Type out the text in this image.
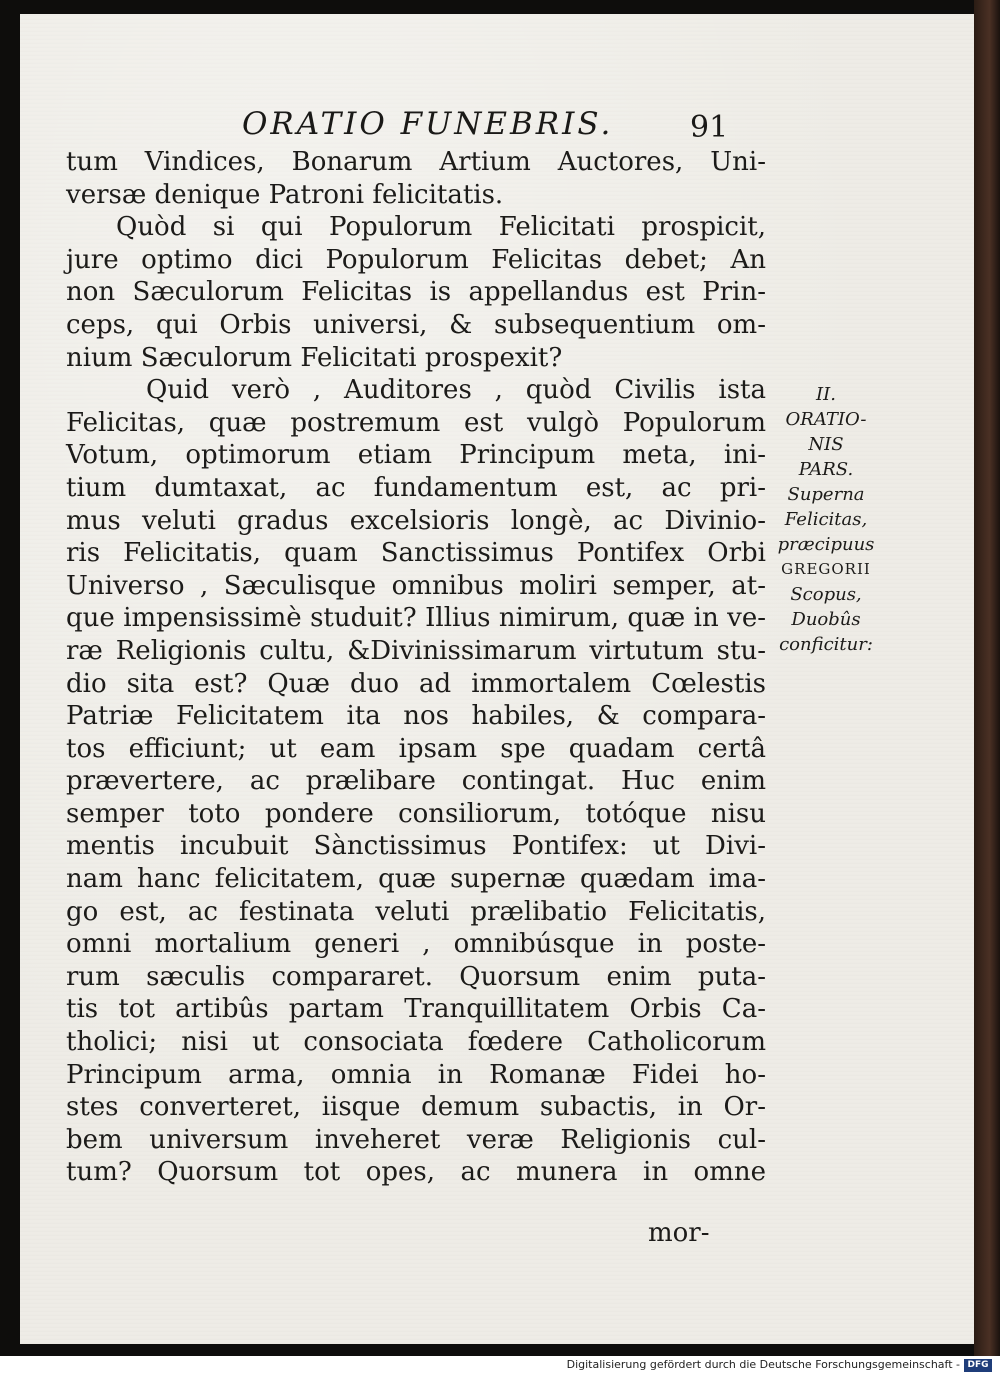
ORATIO FUNEBRIS.	91
tum Vindices, Bonarum Artium Auctores, Uni-
versæ denique Patroni felicitatis.
Quòd si qui Populorum Felicitati prospicit,
jure optimo dici Populorum Felicitas debet; An
non Sæculorum Felicitas is appellandus est Prin-
ceps, qui Orbis universi, & subsequentium om-
nium Sæculorum Felicitati prospexit?
Quid verò , Auditores , quòd Civilis ista
Felicitas, quæ postremum est vulgò Populorum
Votum, optimorum etiam Principum meta, ini-
tium dumtaxat, ac fundamentum est, ac pri-
mus veluti gradus excelsioris longè, ac Divinio-
ris Felicitatis, quam Sanctissimus Pontifex Orbi
Universo , Sæculisque omnibus moliri semper, at-
que impensissimè studuit? Illius nimirum, quæ in ve-
ræ Religionis cultu, &Divinissimarum virtutum stu-
dio sita est? Quæ duo ad immortalem Cœlestis
Patriæ Felicitatem ita nos habiles, & compara-
tos efficiunt; ut eam ipsam spe quadam certâ
prævertere, ac prælibare contingat. Huc enim
semper toto pondere consiliorum, totóque nisu
mentis incubuit Sànctissimus Pontifex: ut Divi-
nam hanc felicitatem, quæ supernæ quædam ima-
go est, ac festinata veluti prælibatio Felicitatis,
omni mortalium generi , omnibúsque in poste-
rum sæculis compararet. Quorsum enim puta-
tis tot artibûs partam Tranquillitatem Orbis Ca-
tholici; nisi ut consociata fœdere Catholicorum
Principum arma, omnia in Romanæ Fidei ho-
stes converteret, iisque demum subactis, in Or-
bem universum inveheret veræ Religionis cul-
tum? Quorsum tot opes, ac munera in omne
mor-
II.
ORATIO-
NIS
PARS.
Superna
Felicitas,
præcipuus
GREGORII
Scopus,
Duobûs
conficitur:
Digitalisierung gefördert durch die Deutsche Forschungsgemeinschaft - DFG
